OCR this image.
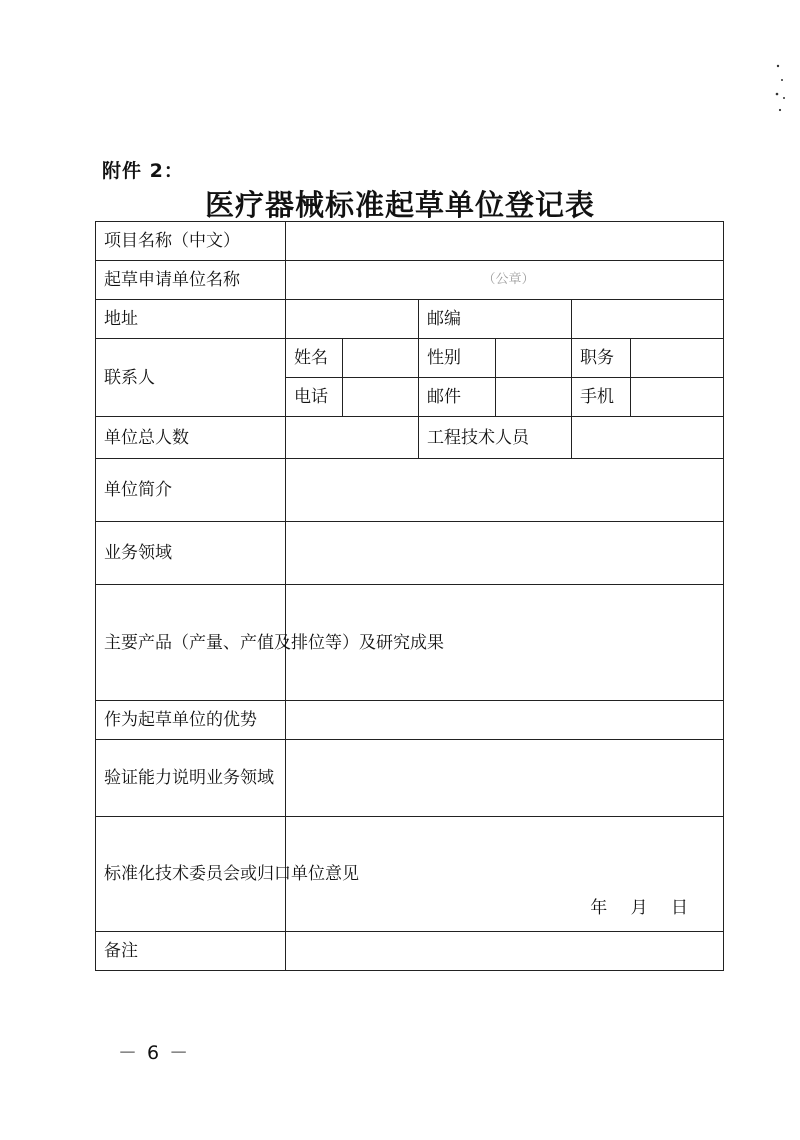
附件 2：
医疗器械标准起草单位登记表
项目名称（中文）						
起草申请单位名称	（公章）					

地址			邮编			
联系人	姓名		性别		职务	
	电话		邮件		手机	
单位总人数			工程技术人员			
单位简介						
业务领域						
主要产品（产量、产值及排位等）及研究成果						
作为起草单位的优势						
验证能力说明业务领域						
标准化技术委员会或归口单位意见	年 月 日					

备注						
－ 6 －
